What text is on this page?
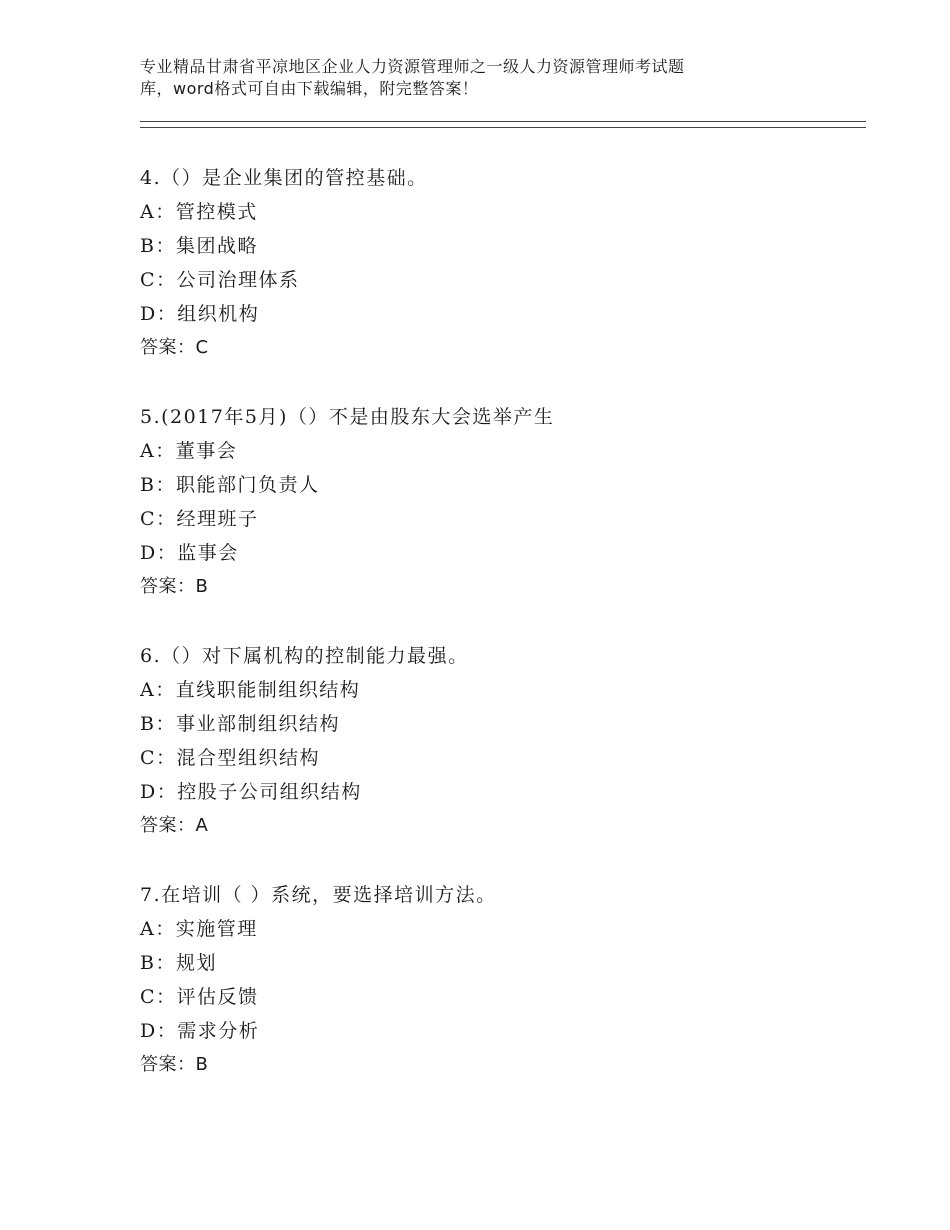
专业精品甘肃省平凉地区企业人力资源管理师之一级人力资源管理师考试题
库，word格式可自由下载编辑，附完整答案！
4.（）是企业集团的管控基础。
A：管控模式
B：集团战略
C：公司治理体系
D：组织机构
答案：C
5.(2017年5月)（）不是由股东大会选举产生
A：董事会
B：职能部门负责人
C：经理班子
D：监事会
答案：B
6.（）对下属机构的控制能力最强。
A：直线职能制组织结构
B：事业部制组织结构
C：混合型组织结构
D：控股子公司组织结构
答案：A
7.在培训（ ）系统，要选择培训方法。
A：实施管理
B：规划
C：评估反馈
D：需求分析
答案：B
